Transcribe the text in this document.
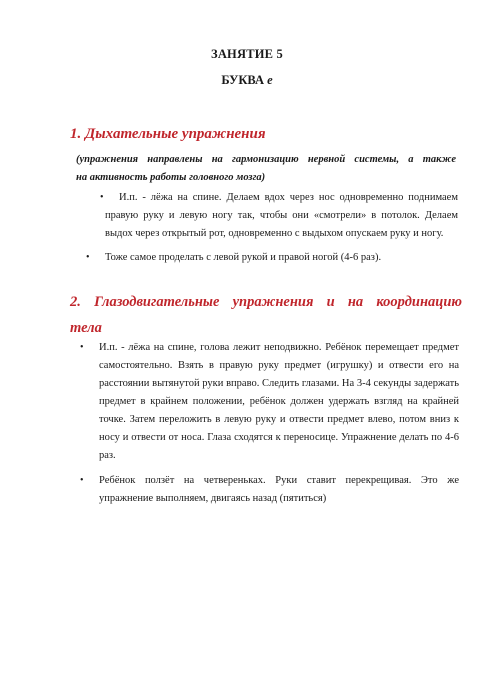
ЗАНЯТИЕ 5
БУКВА е
1. Дыхательные упражнения
(упражнения направлены на гармонизацию нервной системы, а также
на активность работы головного мозга)
• И.п. - лёжа на спине. Делаем вдох через нос одновременно поднимаем правую руку и левую ногу так, чтобы они «смотрели» в потолок. Делаем выдох через открытый рот, одновременно с выдыхом опускаем руку и ногу.
• Тоже самое проделать с левой рукой и правой ногой (4-6 раз).
2. Глазодвигательные упражнения и на координацию
тела
• И.п. - лёжа на спине, голова лежит неподвижно. Ребёнок перемещает предмет самостоятельно. Взять в правую руку предмет (игрушку) и отвести его на расстоянии вытянутой руки вправо. Следить глазами. На 3-4 секунды задержать предмет в крайнем положении, ребёнок должен удержать взгляд на крайней точке. Затем переложить в левую руку и отвести предмет влево, потом вниз к носу и отвести от носа. Глаза сходятся к переносице. Упражнение делать по 4-6 раз.
• Ребёнок ползёт на четвереньках. Руки ставит перекрещивая. Это же упражнение выполняем, двигаясь назад (пятиться)
